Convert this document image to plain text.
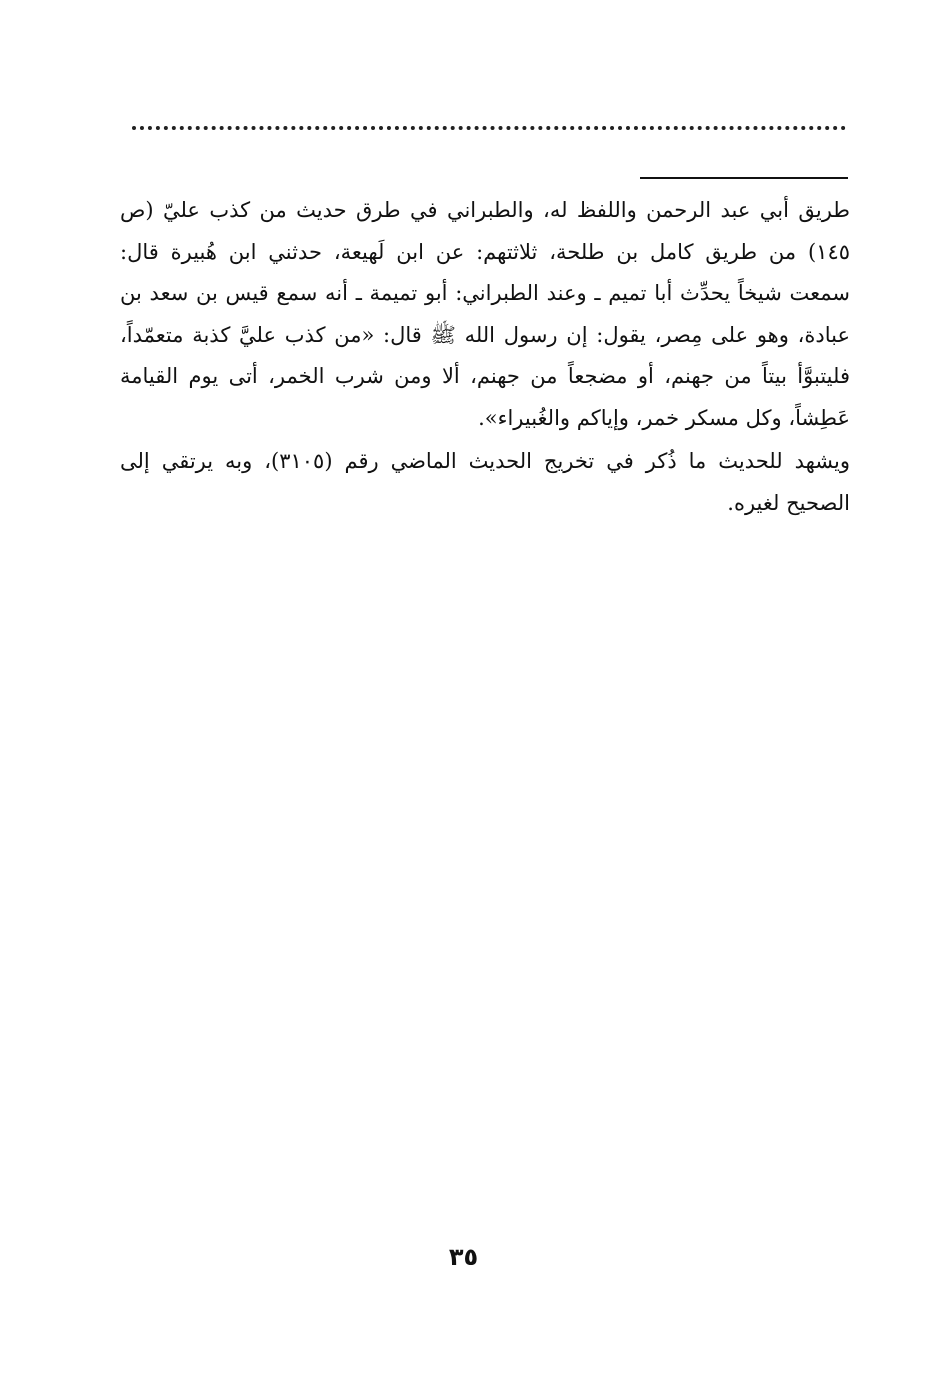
طريق أبي عبد الرحمن واللفظ له، والطبراني في طرق حديث من كذب عليّ (ص ١٤٥) من طريق كامل بن طلحة، ثلاثتهم: عن ابن لَهيعة، حدثني ابن هُبيرة قال: سمعت شيخاً يحدِّث أبا تميم ـ وعند الطبراني: أبو تميمة ـ أنه سمع قيس بن سعد بن عبادة، وهو على مِصر، يقول: إن رسول الله ﷺ قال: «من كذب عليَّ كذبة متعمّداً، فليتبوَّأ بيتاً من جهنم، أو مضجعاً من جهنم، ألا ومن شرب الخمر، أتى يوم القيامة عَطِشاً، وكل مسكر خمر، وإياكم والغُبيراء».

ويشهد للحديث ما ذُكر في تخريج الحديث الماضي رقم (٣١٠٥)، وبه يرتقي إلى الصحيح لغيره.

٣٥
